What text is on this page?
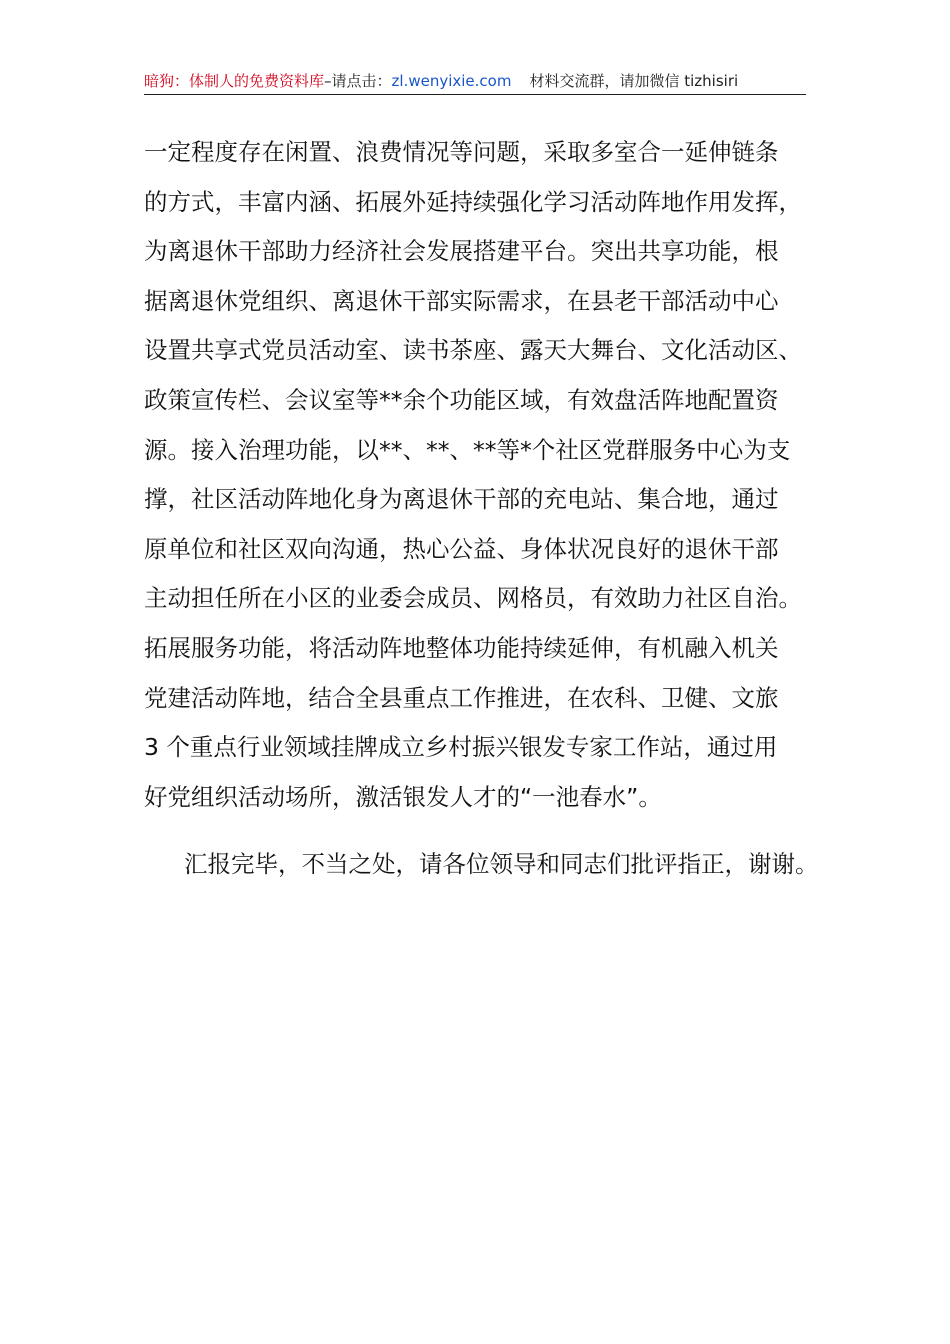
暗狗：体制人的免费资料库–请点击：zl.wenyixie.com 材料交流群，请加微信 tizhisiri
一定程度存在闲置、浪费情况等问题，采取多室合一延伸链条
的方式，丰富内涵、拓展外延持续强化学习活动阵地作用发挥，
为离退休干部助力经济社会发展搭建平台。突出共享功能，根
据离退休党组织、离退休干部实际需求，在县老干部活动中心
设置共享式党员活动室、读书茶座、露天大舞台、文化活动区、
政策宣传栏、会议室等**余个功能区域，有效盘活阵地配置资
源。接入治理功能，以**、**、**等*个社区党群服务中心为支
撑，社区活动阵地化身为离退休干部的充电站、集合地，通过
原单位和社区双向沟通，热心公益、身体状况良好的退休干部
主动担任所在小区的业委会成员、网格员，有效助力社区自治。
拓展服务功能，将活动阵地整体功能持续延伸，有机融入机关
党建活动阵地，结合全县重点工作推进，在农科、卫健、文旅
3 个重点行业领域挂牌成立乡村振兴银发专家工作站，通过用
好党组织活动场所，激活银发人才的“一池春水”。
汇报完毕，不当之处，请各位领导和同志们批评指正，谢谢。
